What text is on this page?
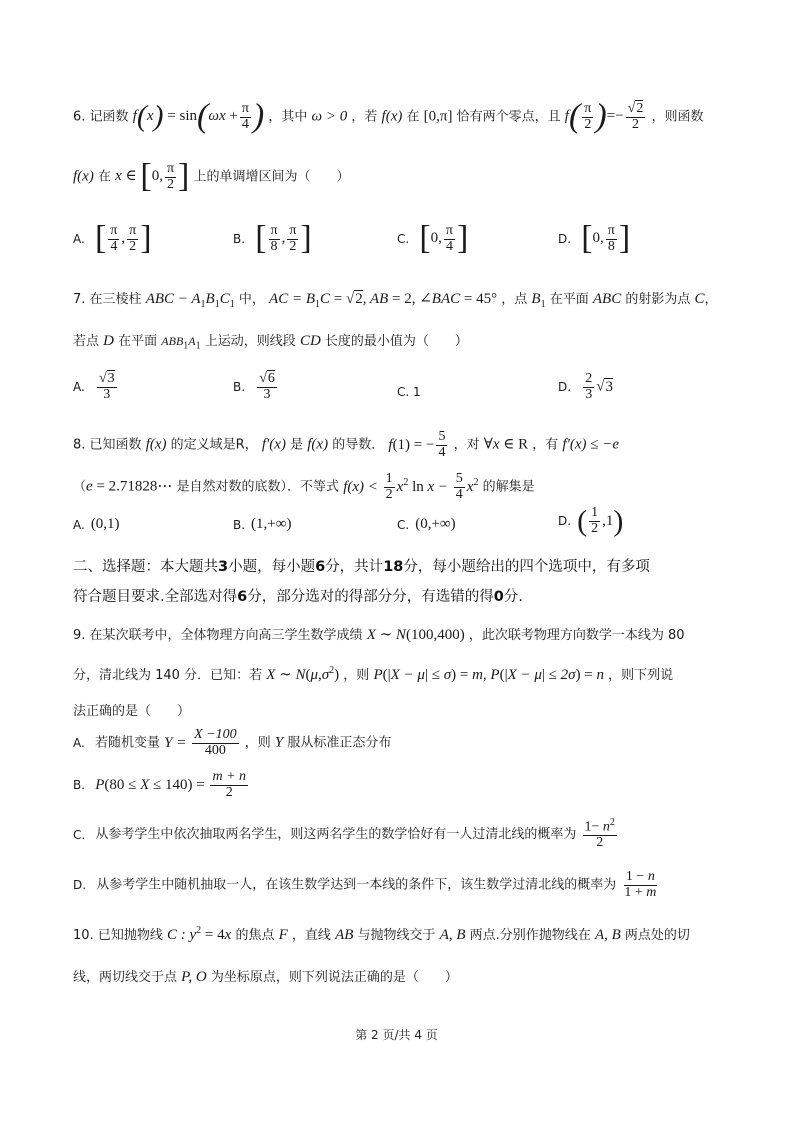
6. 记函数 $f(x) = \sin(\omega x + \frac{\pi}{4}$ ) ，其中 ω > 0 ，若 f(x) 在 [0,π] 恰有两个零点，且 $f( \frac{\pi}{2}$ )=− $\frac{√2}{2}$ ，则函数
f(x) 在 x ∈ [0, $\frac{\pi}{2}$ ] 上的单调增区间为（　　）
A. [ $\frac{\pi}{4}$ , $\frac{\pi}{2}$ ]	B. [ $\frac{\pi}{8}$ , $\frac{\pi}{2}$ ]	C. [0, $\frac{\pi}{4}$ ]	D. [0, $\frac{\pi}{8}$ ]
7. 在三棱柱 ABC − $A_1B_1C_1$ 中， AC = $B_1C = √2$, AB = 2, ∠BAC = 45° ，点 $B_1$ 在平面 ABC 的射影为点 C，
若点 D 在平面 $ABB_1A_1$ 上运动，则线段 CD 长度的最小值为（　　）
A. $\frac{√3}{3}$	B. $\frac{√6}{3}$	C. 1	D. $\frac{2}{3} √3$
8. 已知函数 f(x) 的定义域是R， f′(x) 是 f(x) 的导数． f(1) = − $\frac{5}{4}$ ，对 ∀x ∈ R ，有 f′(x) ≤ −e
（e = 2.71828⋯ 是自然对数的底数）．不等式 $f(x) < \frac{1}{2} x^2$ $\ln x - \frac{5}{4} x^2$ 的解集是
A. (0,1)	B. (1,+∞)	C. (0,+∞)	D. ( $\frac{1}{2} ,1$)
二、选择题：本大题共3小题，每小题6分，共计18分，每小题给出的四个选项中，有多项
符合题目要求.全部选对得6分，部分选对的得部分分，有选错的得0分.
9. 在某次联考中，全体物理方向高三学生数学成绩 X ∼ N(100,400) ，此次联考物理方向数学一本线为 80
分，清北线为 140 分．已知：若 X ∼ $N(\mu,\sigma^2)$ ，则 P(|X − μ| ≤ σ) = m, P(|X − μ| ≤ 2σ) = n ，则下列说
法正确的是（　　）
A. 若随机变量 $Y = \frac{X -100}{400}$ ，则 Y 服从标准正态分布
B. $P(80 \le X \le 140) = \frac{m + n}{2}$
C. 从参考学生中依次抽取两名学生，则这两名学生的数学恰好有一人过清北线的概率为 $\frac{1- n^2}{2}$
D. 从参考学生中随机抽取一人，在该生数学达到一本线的条件下，该生数学过清北线的概率为 $\frac{1 - n}{1 + m}$
10. 已知抛物线 C : $y^2 = 4x$ 的焦点 F ，直线 AB 与抛物线交于 A, B 两点.分别作抛物线在 A, B 两点处的切
线，两切线交于点 P, O 为坐标原点，则下列说法正确的是（　　）
第 2 页/共 4 页
